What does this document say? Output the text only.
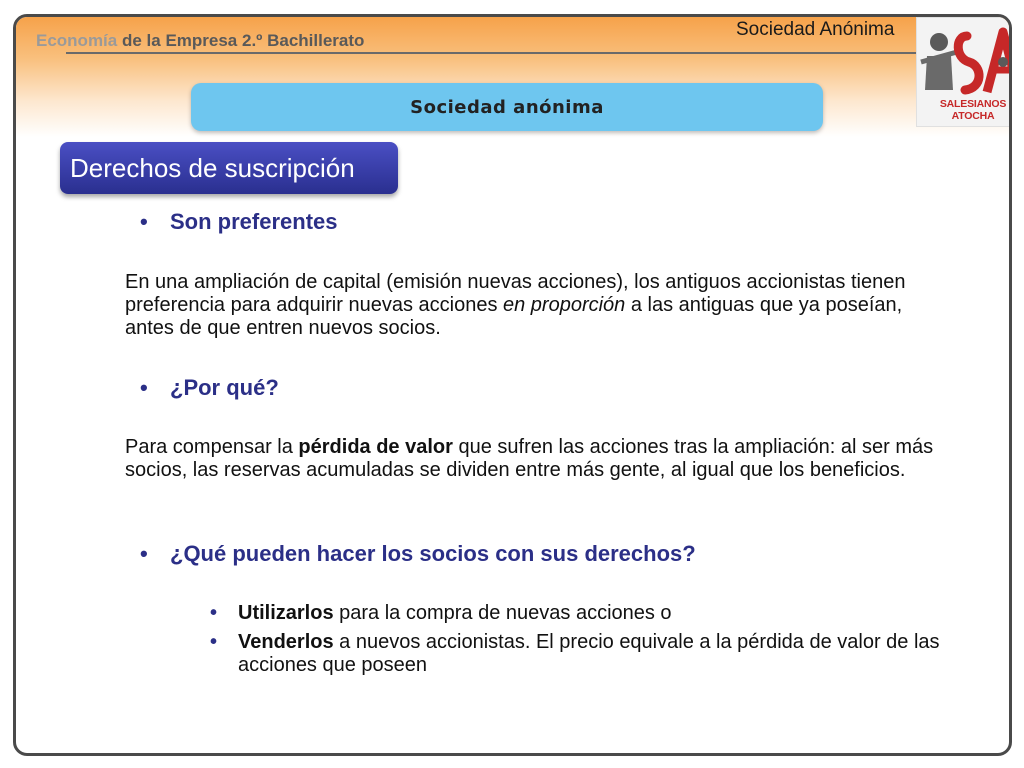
Economía de la Empresa 2.º Bachillerato
Sociedad Anónima
SALESIANOS ATOCHA
Sociedad anónima
Derechos de suscripción
• Son preferentes
En una ampliación de capital (emisión nuevas acciones), los antiguos accionistas tienen preferencia para adquirir nuevas acciones en proporción a las antiguas que ya poseían, antes de que entren nuevos socios.
• ¿Por qué?
Para compensar la pérdida de valor que sufren las acciones tras la ampliación: al ser más socios, las reservas acumuladas se dividen entre más gente, al igual que los beneficios.
• ¿Qué pueden hacer los socios con sus derechos?
• Utilizarlos para la compra de nuevas acciones o
• Venderlos a nuevos accionistas. El precio equivale a la pérdida de valor de las acciones que poseen
